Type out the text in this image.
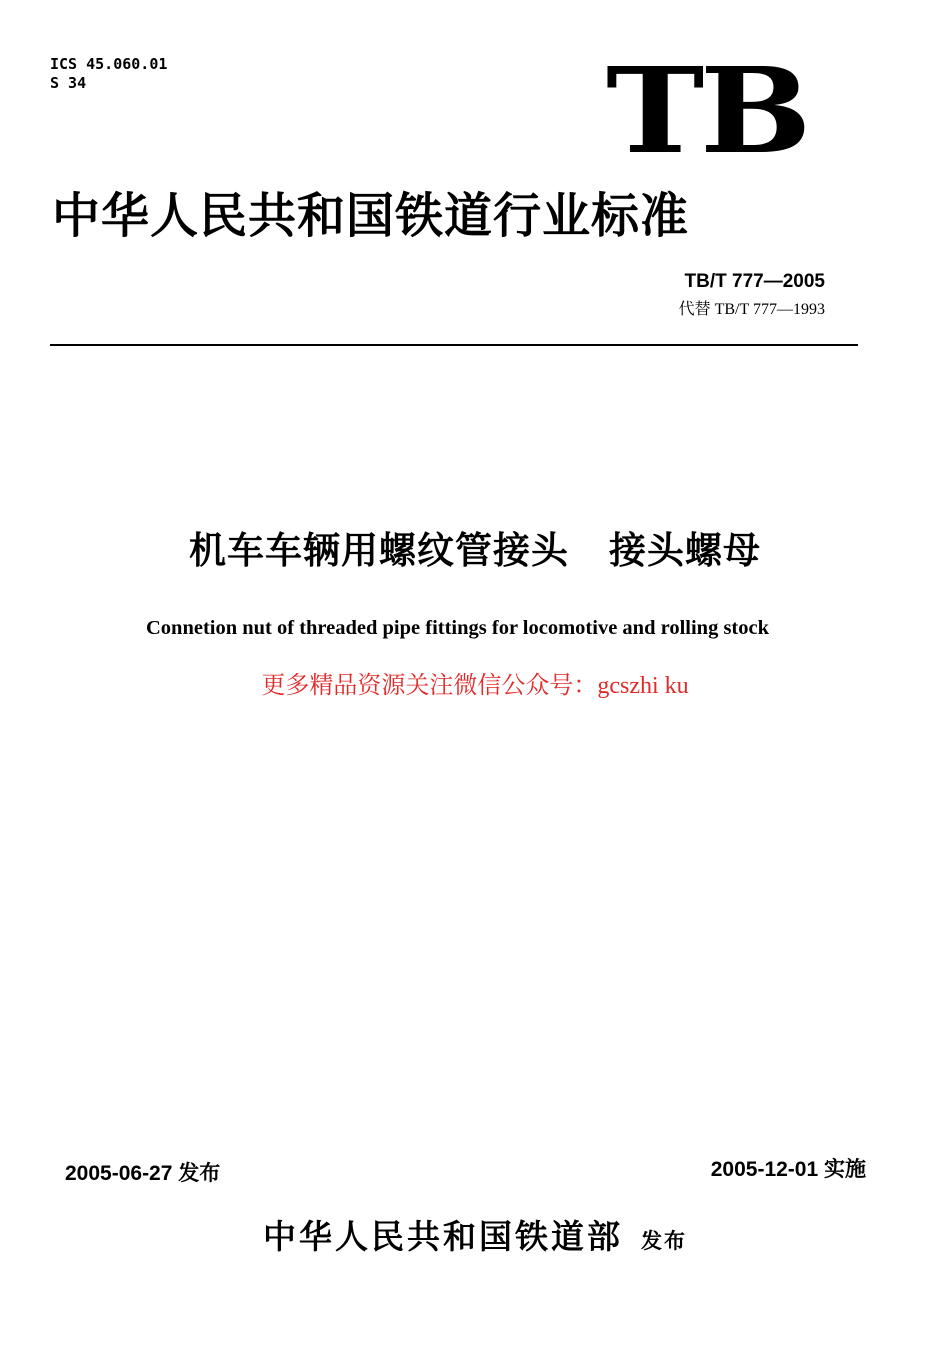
ICS 45.060.01
S 34	TB
中华人民共和国铁道行业标准
TB/T 777—2005
代替 TB/T 777—1993
机车车辆用螺纹管接头 接头螺母
Connetion nut of threaded pipe fittings for locomotive and rolling stock
更多精品资源关注微信公众号：gcszhi ku
2005-06-27 发布	2005-12-01 实施
中华人民共和国铁道部 发布
